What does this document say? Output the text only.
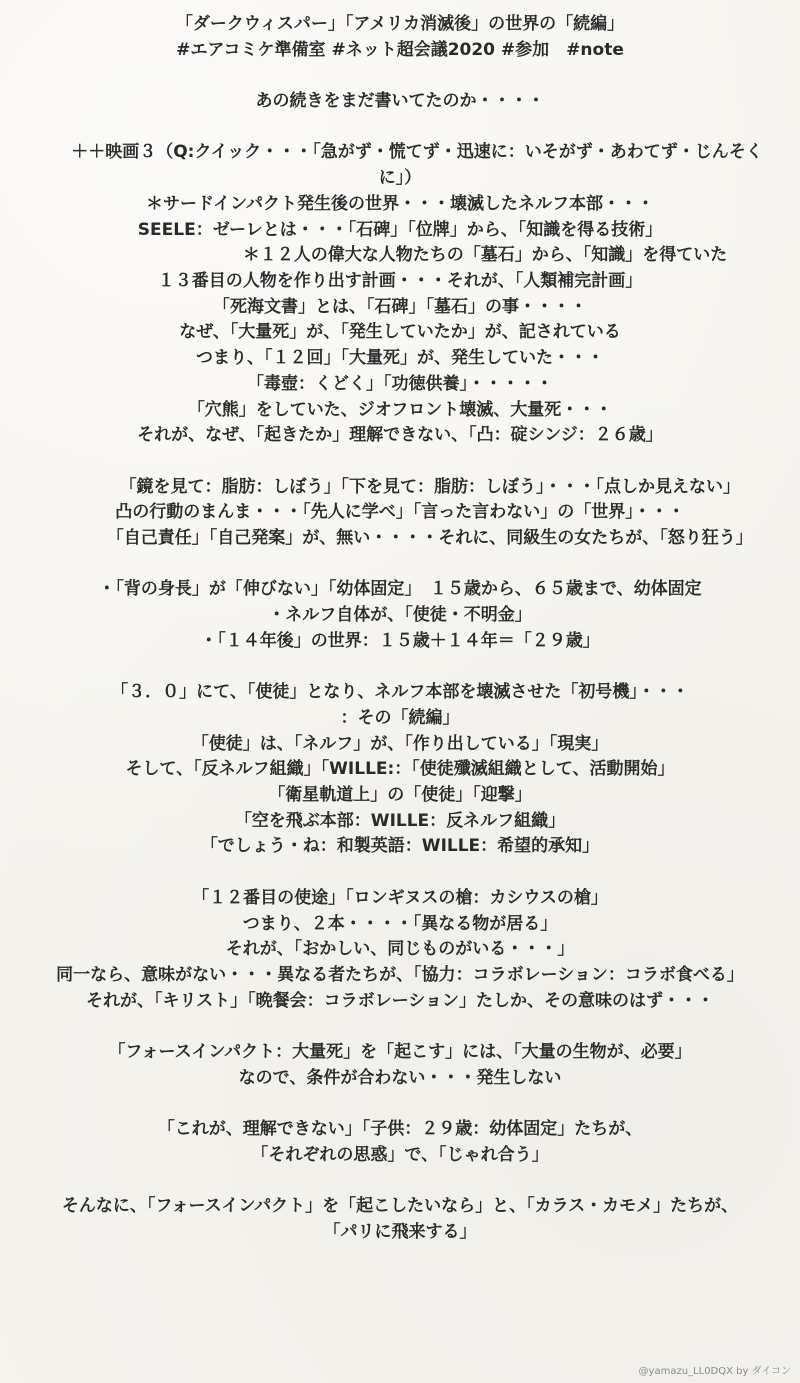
「ダークウィスパー」「アメリカ消滅後」の世界の「続編」
#エアコミケ準備室 #ネット超会議2020 #参加　#note
あの続きをまだ書いてたのか・・・・
　　＋＋映画３（Q:クイック・・・「急がず・慌てず・迅速に：いそがず・あわてず・じんそくに」）
＊サードインパクト発生後の世界・・・壊滅したネルフ本部・・・
SEELE：ゼーレとは・・・「石碑」「位牌」から、「知識を得る技術」
　　　　　　　　　　＊１２人の偉大な人物たちの「墓石」から、「知識」を得ていた
１３番目の人物を作り出す計画・・・それが、「人類補完計画」
「死海文書」とは、「石碑」「墓石」の事・・・・
なぜ、「大量死」が、「発生していたか」が、記されている
つまり、「１２回」「大量死」が、発生していた・・・
「毒壺：くどく」「功徳供養」・・・・・
「穴熊」をしていた、ジオフロント壊滅、大量死・・・
それが、なぜ、「起きたか」理解できない、「凸：碇シンジ：２６歳」
　　　　「鏡を見て：脂肪：しぼう」「下を見て：脂肪：しぼう」・・・「点しか見えない」
凸の行動のまんま・・・「先人に学べ」「言った言わない」の「世界」・・・
　　　　「自己責任」「自己発案」が、無い・・・・それに、同級生の女たちが、「怒り狂う」
・「背の身長」が「伸びない」「幼体固定」　１５歳から、６５歳まで、幼体固定
・ネルフ自体が、「使徒・不明金」
・「１４年後」の世界：１５歳＋１４年＝「２９歳」
「３．０」にて、「使徒」となり、ネルフ本部を壊滅させた「初号機」・・・
：その「続編」
「使徒」は、「ネルフ」が、「作り出している」「現実」
そして、「反ネルフ組織」「WILLE:：「使徒殲滅組織として、活動開始」
「衛星軌道上」の「使徒」「迎撃」
「空を飛ぶ本部：WILLE：反ネルフ組織」
「でしょう・ね：和製英語：WILLE：希望的承知」
「１２番目の使途」「ロンギヌスの槍：カシウスの槍」
つまり、２本・・・・「異なる物が居る」
それが、「おかしい、同じものがいる・・・」
同一なら、意味がない・・・異なる者たちが、「協力：コラボレーション：コラボ食べる」
それが、「キリスト」「晩餐会：コラボレーション」たしか、その意味のはず・・・
「フォースインパクト：大量死」を「起こす」には、「大量の生物が、必要」
なので、条件が合わない・・・発生しない
「これが、理解できない」「子供：２９歳：幼体固定」たちが、
「それぞれの思惑」で、「じゃれ合う」
そんなに、「フォースインパクト」を「起こしたいなら」と、「カラス・カモメ」たちが、
「パリに飛来する」
@yamazu_LL0DQX by ダイコン
